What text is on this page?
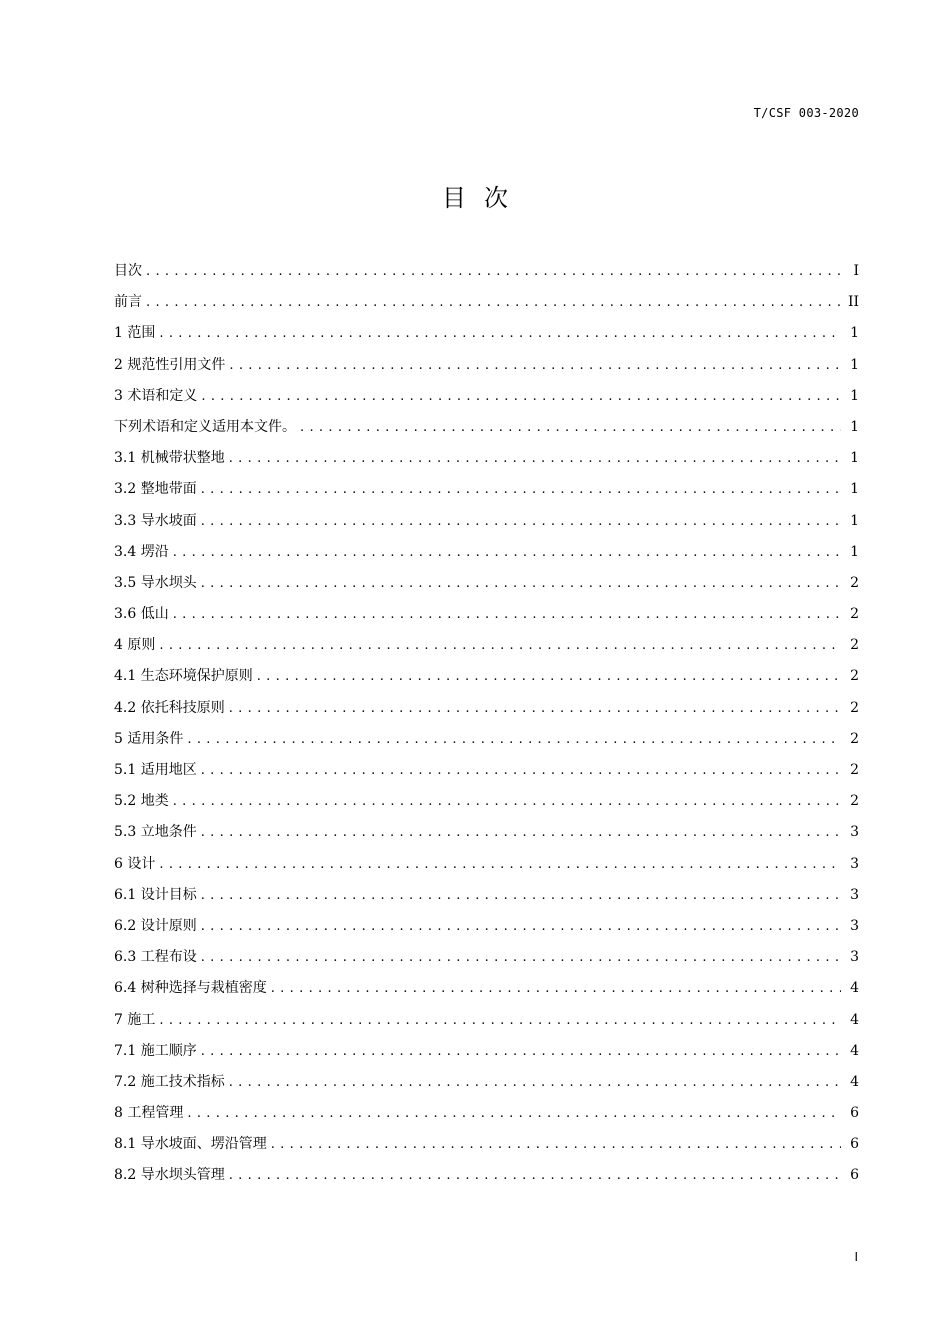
T/CSF 003-2020
目次
目次 . . .	I
前言 . . .	II
1 范围 . . .	1
2 规范性引用文件 . . .	1
3 术语和定义 . . .	1
下列术语和定义适用本文件。 . . .	1
3.1 机械带状整地 . . .	1
3.2 整地带面 . . .	1
3.3 导水坡面 . . .	1
3.4 塄沿 . . .	1
3.5 导水坝头 . . .	2
3.6 低山 . . .	2
4 原则 . . .	2
4.1 生态环境保护原则 . . .	2
4.2 依托科技原则 . . .	2
5 适用条件 . . .	2
5.1 适用地区 . . .	2
5.2 地类 . . .	2
5.3 立地条件 . . .	3
6 设计 . . .	3
6.1 设计目标 . . .	3
6.2 设计原则 . . .	3
6.3 工程布设 . . .	3
6.4 树种选择与栽植密度 . . .	4
7 施工 . . .	4
7.1 施工顺序 . . .	4
7.2 施工技术指标 . . .	4
8 工程管理 . . .	6
8.1 导水坡面、塄沿管理 . . .	6
8.2 导水坝头管理 . . .	6
I
